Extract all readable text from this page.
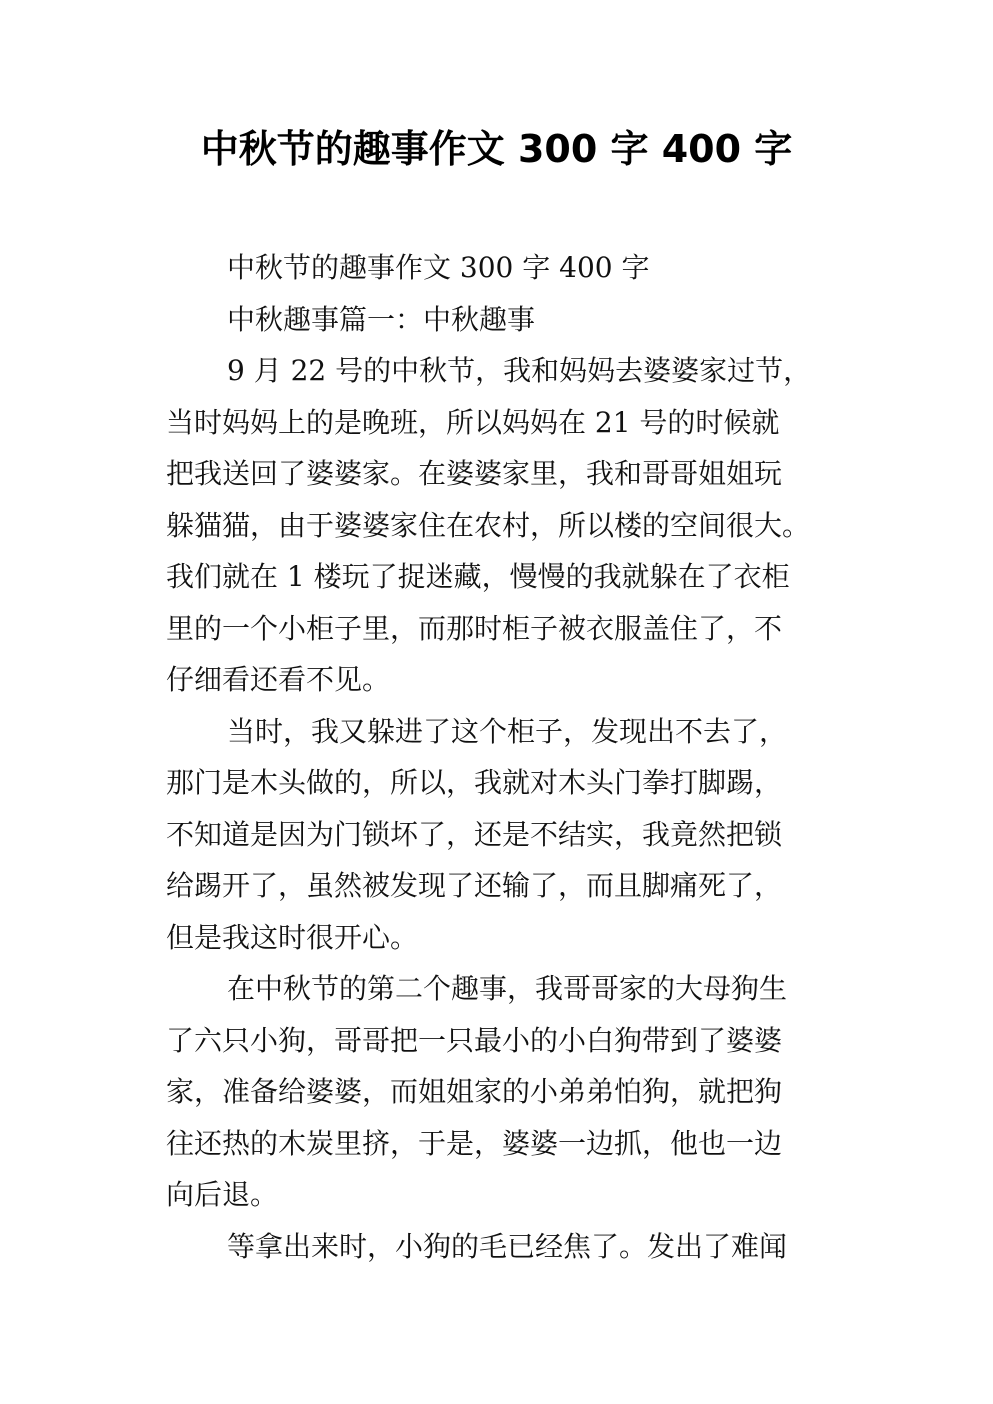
中秋节的趣事作文 300 字 400 字
中秋节的趣事作文 300 字 400 字
中秋趣事篇一：中秋趣事
9 月 22 号的中秋节，我和妈妈去婆婆家过节，
当时妈妈上的是晚班，所以妈妈在 21 号的时候就
把我送回了婆婆家。在婆婆家里，我和哥哥姐姐玩
躲猫猫，由于婆婆家住在农村，所以楼的空间很大。
我们就在 1 楼玩了捉迷藏，慢慢的我就躲在了衣柜
里的一个小柜子里，而那时柜子被衣服盖住了，不
仔细看还看不见。
当时，我又躲进了这个柜子，发现出不去了，
那门是木头做的，所以，我就对木头门拳打脚踢，
不知道是因为门锁坏了，还是不结实，我竟然把锁
给踢开了，虽然被发现了还输了，而且脚痛死了，
但是我这时很开心。
在中秋节的第二个趣事，我哥哥家的大母狗生
了六只小狗，哥哥把一只最小的小白狗带到了婆婆
家，准备给婆婆，而姐姐家的小弟弟怕狗，就把狗
往还热的木炭里挤，于是，婆婆一边抓，他也一边
向后退。
等拿出来时，小狗的毛已经焦了。发出了难闻
